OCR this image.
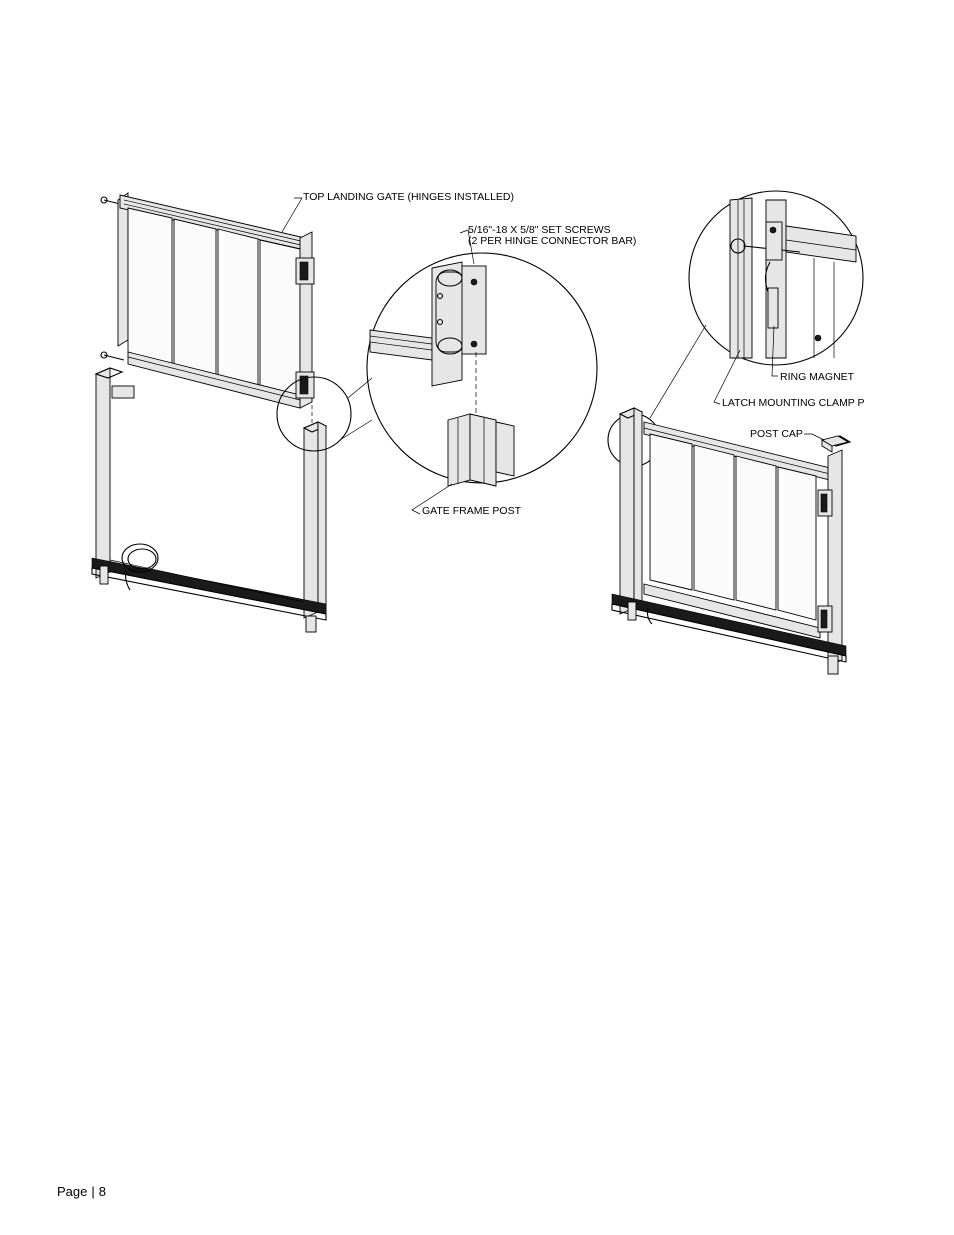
TOP LANDING GATE (HINGES INSTALLED)
5/16"-18 X 5/8" SET SCREWS
(2 PER HINGE CONNECTOR BAR)
GATE FRAME POST
RING MAGNET
LATCH MOUNTING CLAMP P
POST CAP
Page | 8
